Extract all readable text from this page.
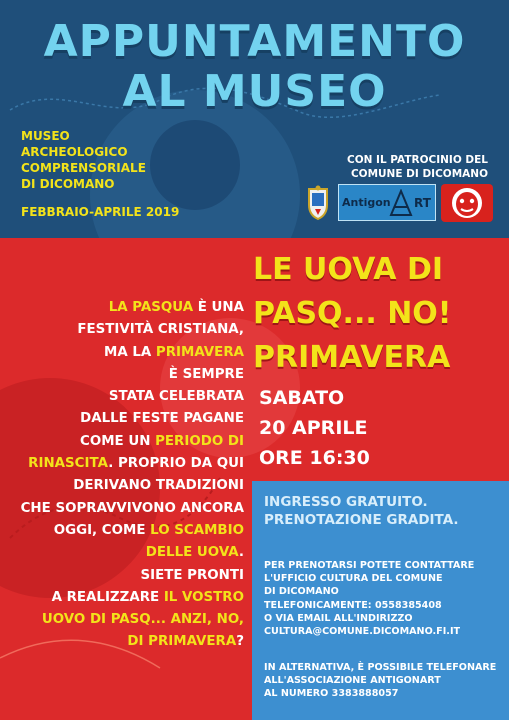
APPUNTAMENTO
AL MUSEO
MUSEO
ARCHEOLOGICO
COMPRENSORIALE
DI DICOMANO
FEBBRAIO-APRILE 2019
CON IL PATROCINIO DEL
COMUNE DI DICOMANO
Antigon RT
LE UOVA DI
PASQ... NO!
PRIMAVERA
SABATO
20 APRILE
ORE 16:30
LA PASQUA È UNA
FESTIVITÀ CRISTIANA,
MA LA PRIMAVERA
È SEMPRE
STATA CELEBRATA
DALLE FESTE PAGANE
COME UN PERIODO DI
RINASCITA. PROPRIO DA QUI
DERIVANO TRADIZIONI
CHE SOPRAVVIVONO ANCORA
OGGI, COME LO SCAMBIO
DELLE UOVA.
SIETE PRONTI
A REALIZZARE IL VOSTRO
UOVO DI PASQ... ANZI, NO,
DI PRIMAVERA?
INGRESSO GRATUITO.
PRENOTAZIONE GRADITA.
PER PRENOTARSI POTETE CONTATTARE
L'UFFICIO CULTURA DEL COMUNE
DI DICOMANO
TELEFONICAMENTE: 0558385408
O VIA EMAIL ALL'INDIRIZZO
CULTURA@COMUNE.DICOMANO.FI.IT
IN ALTERNATIVA, È POSSIBILE TELEFONARE
ALL'ASSOCIAZIONE ANTIGONART
AL NUMERO 3383888057
